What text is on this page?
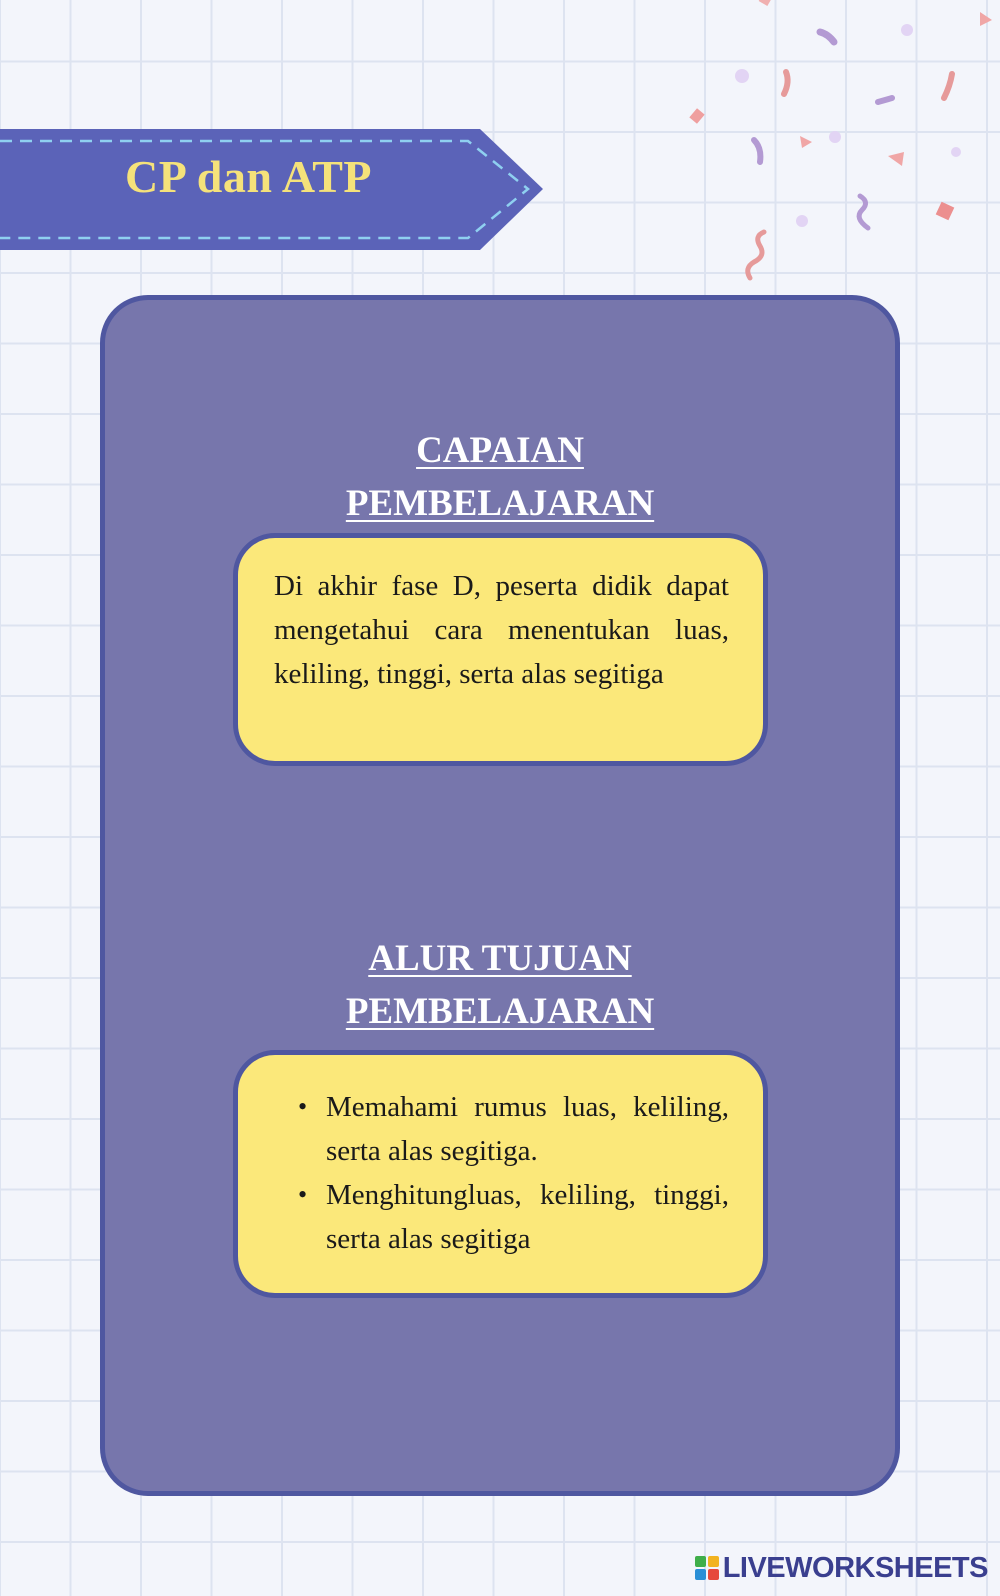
CP dan ATP
CAPAIAN
PEMBELAJARAN

Di akhir fase D, peserta didik dapat mengetahui cara menentukan luas, keliling, tinggi, serta alas segitiga

ALUR TUJUAN
PEMBELAJARAN
• Memahami rumus luas, keliling, serta alas segitiga.
• Menghitungluas, keliling, tinggi, serta alas segitiga
LIVEWORKSHEETS
